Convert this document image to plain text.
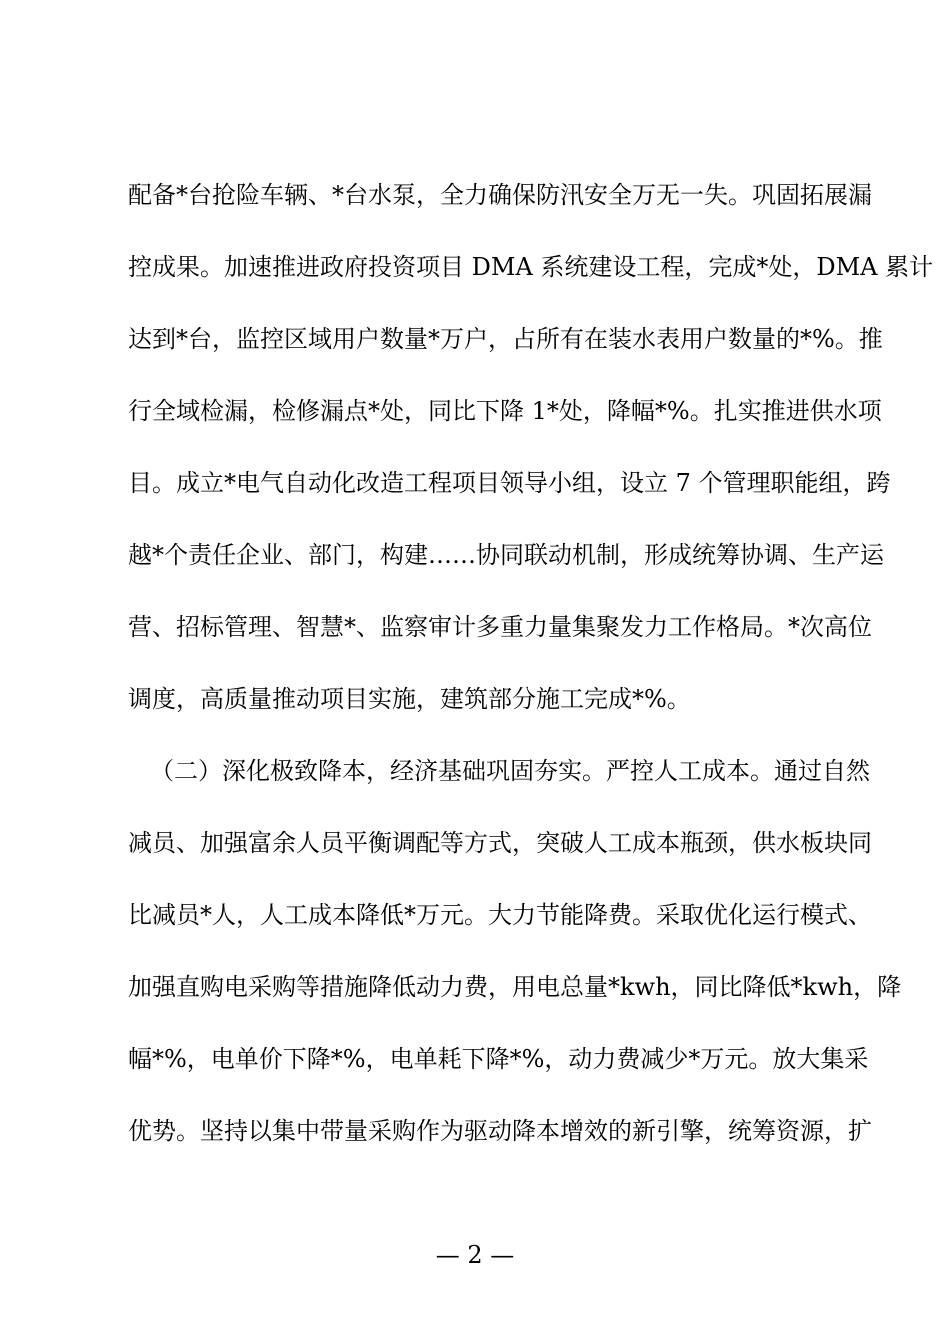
配备*台抢险车辆、*台水泵，全力确保防汛安全万无一失。巩固拓展漏
控成果。加速推进政府投资项目 DMA 系统建设工程，完成*处，DMA 累计
达到*台，监控区域用户数量*万户，占所有在装水表用户数量的*%。推
行全域检漏，检修漏点*处，同比下降 1*处，降幅*%。扎实推进供水项
目。成立*电气自动化改造工程项目领导小组，设立 7 个管理职能组，跨
越*个责任企业、部门，构建……协同联动机制，形成统筹协调、生产运
营、招标管理、智慧*、监察审计多重力量集聚发力工作格局。*次高位
调度，高质量推动项目实施，建筑部分施工完成*%。
（二）深化极致降本，经济基础巩固夯实。严控人工成本。通过自然
减员、加强富余人员平衡调配等方式，突破人工成本瓶颈，供水板块同
比减员*人，人工成本降低*万元。大力节能降费。采取优化运行模式、
加强直购电采购等措施降低动力费，用电总量*kwh，同比降低*kwh，降
幅*%，电单价下降*%，电单耗下降*%，动力费减少*万元。放大集采
优势。坚持以集中带量采购作为驱动降本增效的新引擎，统筹资源，扩
— 2 —
